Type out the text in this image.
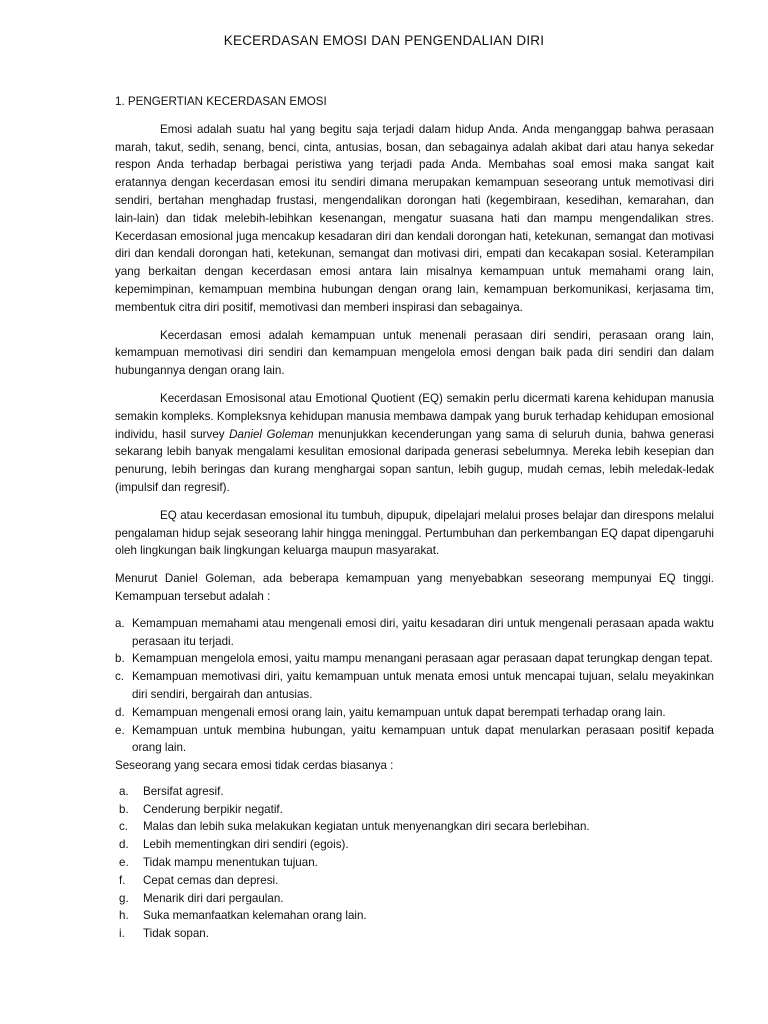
KECERDASAN EMOSI DAN PENGENDALIAN DIRI
1. PENGERTIAN KECERDASAN EMOSI

Emosi adalah suatu hal yang begitu saja terjadi dalam hidup Anda. Anda menganggap bahwa perasaan marah, takut, sedih, senang, benci, cinta, antusias, bosan, dan sebagainya adalah akibat dari atau hanya sekedar respon Anda terhadap berbagai peristiwa yang terjadi pada Anda. Membahas soal emosi maka sangat kait eratannya dengan kecerdasan emosi itu sendiri dimana merupakan kemampuan seseorang untuk memotivasi diri sendiri, bertahan menghadap frustasi, mengendalikan dorongan hati (kegembiraan, kesedihan, kemarahan, dan lain-lain) dan tidak melebih-lebihkan kesenangan, mengatur suasana hati dan mampu mengendalikan stres. Kecerdasan emosional juga mencakup kesadaran diri dan kendali dorongan hati, ketekunan, semangat dan motivasi diri dan kendali dorongan hati, ketekunan, semangat dan motivasi diri, empati dan kecakapan sosial. Keterampilan yang berkaitan dengan kecerdasan emosi antara lain misalnya kemampuan untuk memahami orang lain, kepemimpinan, kemampuan membina hubungan dengan orang lain, kemampuan berkomunikasi, kerjasama tim, membentuk citra diri positif, memotivasi dan memberi inspirasi dan sebagainya.

Kecerdasan emosi adalah kemampuan untuk menenali perasaan diri sendiri, perasaan orang lain, kemampuan memotivasi diri sendiri dan kemampuan mengelola emosi dengan baik pada diri sendiri dan dalam hubungannya dengan orang lain.

Kecerdasan Emosisonal atau Emotional Quotient (EQ) semakin perlu dicermati karena kehidupan manusia semakin kompleks. Kompleksnya kehidupan manusia membawa dampak yang buruk terhadap kehidupan emosional individu, hasil survey Daniel Goleman menunjukkan kecenderungan yang sama di seluruh dunia, bahwa generasi sekarang lebih banyak mengalami kesulitan emosional daripada generasi sebelumnya. Mereka lebih kesepian dan penurung, lebih beringas dan kurang menghargai sopan santun, lebih gugup, mudah cemas, lebih meledak-ledak (impulsif dan regresif).

EQ atau kecerdasan emosional itu tumbuh, dipupuk, dipelajari melalui proses belajar dan direspons melalui pengalaman hidup sejak seseorang lahir hingga meninggal. Pertumbuhan dan perkembangan EQ dapat dipengaruhi oleh lingkungan baik lingkungan keluarga maupun masyarakat.

Menurut Daniel Goleman, ada beberapa kemampuan yang menyebabkan seseorang mempunyai EQ tinggi. Kemampuan tersebut adalah :

a. Kemampuan memahami atau mengenali emosi diri, yaitu kesadaran diri untuk mengenali perasaan apada waktu perasaan itu terjadi.
b. Kemampuan mengelola emosi, yaitu mampu menangani perasaan agar perasaan dapat terungkap dengan tepat.
c. Kemampuan memotivasi diri, yaitu kemampuan untuk menata emosi untuk mencapai tujuan, selalu meyakinkan diri sendiri, bergairah dan antusias.
d. Kemampuan mengenali emosi orang lain, yaitu kemampuan untuk dapat berempati terhadap orang lain.
e. Kemampuan untuk membina hubungan, yaitu kemampuan untuk dapat menularkan perasaan positif kepada orang lain.
Seseorang yang secara emosi tidak cerdas biasanya :
a. Bersifat agresif.
b. Cenderung berpikir negatif.
c. Malas dan lebih suka melakukan kegiatan untuk menyenangkan diri secara berlebihan.
d. Lebih mementingkan diri sendiri (egois).
e. Tidak mampu menentukan tujuan.
f. Cepat cemas dan depresi.
g. Menarik diri dari pergaulan.
h. Suka memanfaatkan kelemahan orang lain.
i. Tidak sopan.
